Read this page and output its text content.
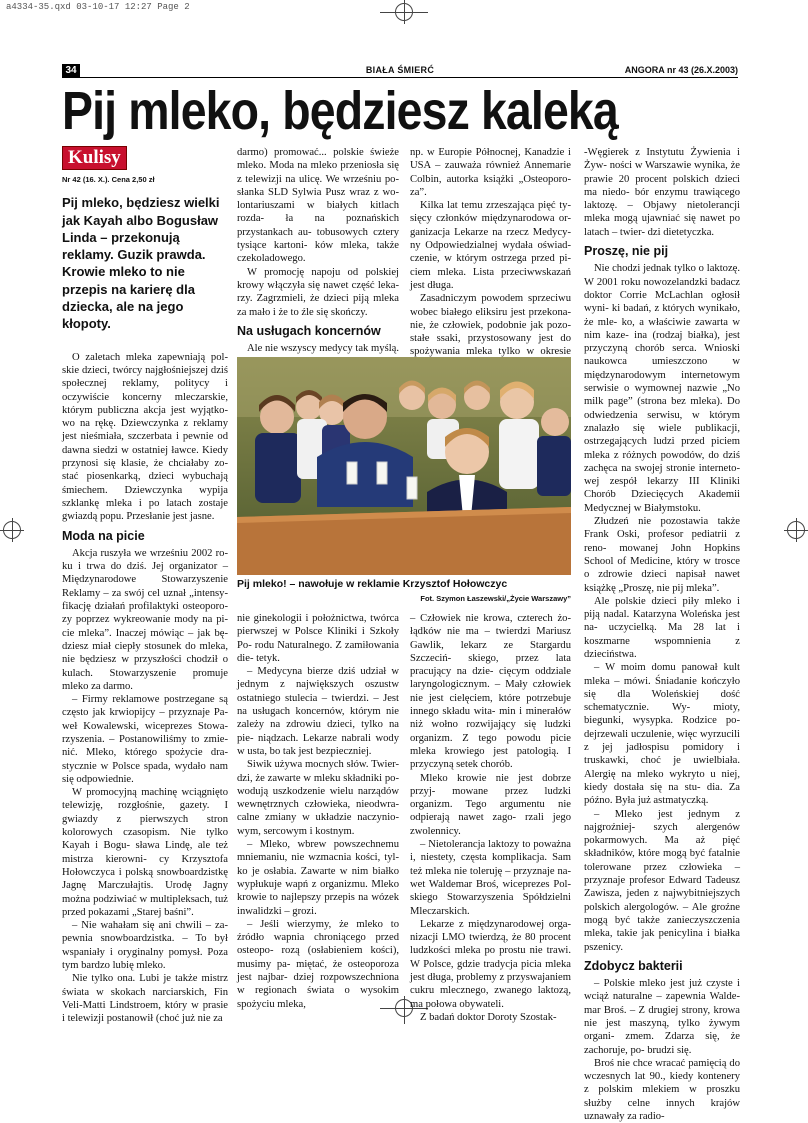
a4334-35.qxd 03-10-17 12:27 Page 2
34	BIAŁA ŚMIERĆ	ANGORA nr 43 (26.X.2003)
Pij mleko, będziesz kaleką
Kulisy
Nr 42 (16. X.). Cena 2,50 zł
Pij mleko, będziesz wielki jak Kayah albo Bogusław Linda – przekonują reklamy. Guzik prawda. Krowie mleko to nie przepis na karierę dla dziecka, ale na jego kłopoty.

O zaletach mleka zapewniają pol- skie dzieci, twórcy najgłośniejszej dziś społecznej reklamy, politycy i oczywiście koncerny mleczarskie, którym publiczna akcja jest wyjątko- wo na rękę. Dziewczynka z reklamy jest nieśmiała, szczerbata i pewnie od dawna siedzi w ostatniej ławce. Kiedy przynosi się klasie, że chciałaby zo- stać piosenkarką, dzieci wybuchają śmiechem. Dziewczynka wypija szklankę mleka i po latach zostaje gwiazdą popu. Przesłanie jest jasne.

Moda na picie

Akcja ruszyła we wrześniu 2002 ro- ku i trwa do dziś. Jej organizator – Międzynarodowe Stowarzyszenie Reklamy – za swój cel uznał „intensy- fikację działań profilaktyki osteoporo- zy poprzez wykreowanie mody na pi- cie mleka”. Inaczej mówiąc – jak bę- dziesz miał ciepły stosunek do mleka, nie będziesz w przyszłości chodził o kulach. Stowarzyszenie promuje mleko za darmo.

– Firmy reklamowe postrzegane są często jak krwiopijcy – przyznaje Pa- weł Kowalewski, wiceprezes Stowa- rzyszenia. – Postanowiliśmy to zmie- nić. Mleko, którego spożycie dra- stycznie w Polsce spada, wydało nam się odpowiednie.

W promocyjną machinę wciągnięto telewizję, rozgłośnie, gazety. I gwiazdy z pierwszych stron kolorowych czasopism. Nie tylko Kayah i Bogu- sława Lindę, ale też mistrza kierowni- cy Krzysztofa Hołowczyca i polską snowboardzistkę Jagnę Marczułajtis. Urodę Jagny można podziwiać w multipleksach, tuż przed pokazami „Starej baśni”.

– Nie wahałam się ani chwili – za- pewnia snowboardzistka. – To był wspaniały i oryginalny pomysł. Poza tym bardzo lubię mleko.

Nie tylko ona. Lubi je także mistrz świata w skokach narciarskich, Fin Veli-Matti Lindstroem, który w prasie i telewizji postanowił (choć już nie za

darmo) promować... polskie świeże mleko. Moda na mleko przeniosła się z telewizji na ulicę. We wrześniu po- słanka SLD Sylwia Pusz wraz z wo- lontariuszami w białych kitlach rozda- ła na poznańskich przystankach au- tobusowych cztery tysiące kartoni- ków mleka, także czekoladowego.

W promocję napoju od polskiej krowy włączyła się nawet część leka- rzy. Zagrzmieli, że dzieci piją mleka za mało i że to źle się skończy.

Na usługach koncernów

Ale nie wszyscy medycy tak myślą.

np. w Europie Północnej, Kanadzie i USA – zauważa również Annemarie Colbin, autorka książki „Osteoporo- za”.

Kilka lat temu zrzeszająca pięć ty- sięcy członków międzynarodowa or- ganizacja Lekarze na rzecz Medycy- ny Odpowiedzialnej wydała oświad- czenie, w którym ostrzega przed pi- ciem mleka. Lista przeciwwskazań jest długa.

Zasadniczym powodem sprzeciwu wobec białego eliksiru jest przekona- nie, że człowiek, podobnie jak pozo- stałe ssaki, przystosowany jest do spożywania mleka tylko w okresie

Pij mleko! – nawołuje w reklamie Krzysztof Hołowczyc
Fot. Szymon Łaszewski/„Życie Warszawy”

nie ginekologii i położnictwa, twórca pierwszej w Polsce Kliniki i Szkoły Po- rodu Naturalnego. Z zamiłowania die- tetyk.

– Medycyna bierze dziś udział w jednym z największych oszustw ostatniego stulecia – twierdzi. – Jest na usługach koncernów, którym nie zależy na zdrowiu dzieci, tylko na pie- niądzach. Lekarze nabrali wody w usta, bo tak jest bezpieczniej.

Siwik używa mocnych słów. Twier- dzi, że zawarte w mleku składniki po- wodują uszkodzenie wielu narządów wewnętrznych człowieka, nieodwra- calne zmiany w układzie naczynio- wym, sercowym i kostnym.

– Mleko, wbrew powszechnemu mniemaniu, nie wzmacnia kości, tyl- ko je osłabia. Zawarte w nim białko wypłukuje wapń z organizmu. Mleko krowie to najlepszy przepis na wózek inwalidzki – grozi.

– Jeśli wierzymy, że mleko to źródło wapnia chroniącego przed osteopo- rozą (osłabieniem kości), musimy pa- miętać, że osteoporoza jest najbar- dziej rozpowszechniona w regionach świata o wysokim spożyciu mleka,

– Człowiek nie krowa, czterech żo- łądków nie ma – twierdzi Mariusz Gawlik, lekarz ze Stargardu Szczeciń- skiego, przez lata pracujący na dzie- cięcym oddziale laryngologicznym. – Mały człowiek nie jest cielęciem, które potrzebuje innego składu wita- min i minerałów niż wołno rozwijający się ludzki organizm. Z tego powodu picie mleka krowiego jest patologią. I przyczyną setek chorób.

Mleko krowie nie jest dobrze przyj- mowane przez ludzki organizm. Tego argumentu nie odpierają nawet zago- rzali jego zwolennicy.

– Nietolerancja laktozy to poważna i, niestety, częsta komplikacja. Sam też mleka nie toleruję – przyznaje na- wet Waldemar Broś, wiceprezes Pol- skiego Stowarzyszenia Spółdzielni Mleczarskich.

Lekarze z międzynarodowej orga- nizacji LMO twierdzą, że 80 procent ludzkości mleka po prostu nie trawi. W Polsce, gdzie tradycja picia mleka jest długa, problemy z przyswajaniem cukru mlecznego, zwanego laktozą, ma połowa obywateli.

Z badań doktor Doroty Szostak-

-Węgierek z Instytutu Żywienia i Żyw- ności w Warszawie wynika, że prawie 20 procent polskich dzieci ma niedo- bór enzymu trawiącego laktozę. – Objawy nietolerancji mleka mogą ujawniać się nawet po latach – twier- dzi dietetyczka.

Proszę, nie pij

Nie chodzi jednak tylko o laktozę. W 2001 roku nowozelandzki badacz doktor Corrie McLachlan ogłosił wyni- ki badań, z których wynikało, że mle- ko, a właściwie zawarta w nim kaze- ina (rodzaj białka), jest przyczyną chorób serca. Wnioski naukowca umieszczono w międzynarodowym internetowym serwisie o wymownej nazwie „No milk page” (strona bez mleka). Do odwiedzenia serwisu, w którym znalazło się wiele publikacji, ostrzegających ludzi przed piciem mleka z różnych powodów, do dziś zachęca na swojej stronie interneto- wej zespół lekarzy III Kliniki Chorób Dziecięcych Akademii Medycznej w Białymstoku.

Złudzeń nie pozostawia także Frank Oski, profesor pediatrii z reno- mowanej John Hopkins School of Medicine, który w trosce o zdrowie dzieci napisał nawet książkę „Proszę, nie pij mleka”.

Ale polskie dzieci piły mleko i piją nadal. Katarzyna Woleńska jest na- uczycielką. Ma 28 lat i koszmarne wspomnienia z dzieciństwa.

– W moim domu panował kult mleka – mówi. Śniadanie kończyło się dla Woleńskiej dość schematycznie. Wy- mioty, biegunki, wysypka. Rodzice po- dejrzewali uczulenie, więc wyrzucili z jej jadłospisu pomidory i truskawki, choć je uwielbiała. Alergię na mleko wykryto u niej, kiedy dostała się na stu- dia. Za późno. Była już astmatyczką.

– Mleko jest jednym z najgroźniej- szych alergenów pokarmowych. Ma aż pięć składników, które mogą być fatalnie tolerowane przez człowieka – przyznaje profesor Edward Tadeusz Zawisza, jeden z najwybitniejszych polskich alergologów. – Ale groźne mogą być także zanieczyszczenia mleka, takie jak penicylina i białka pszenicy.

Zdobycz bakterii

– Polskie mleko jest już czyste i wciąż naturalne – zapewnia Walde- mar Broś. – Z drugiej strony, krowa nie jest maszyną, tylko żywym organi- zmem. Zdarza się, że zachoruje, po- brudzi się.

Broś nie chce wracać pamięcią do wczesnych lat 90., kiedy kontenery z polskim mlekiem w proszku służby celne innych krajów uznawały za radio-
